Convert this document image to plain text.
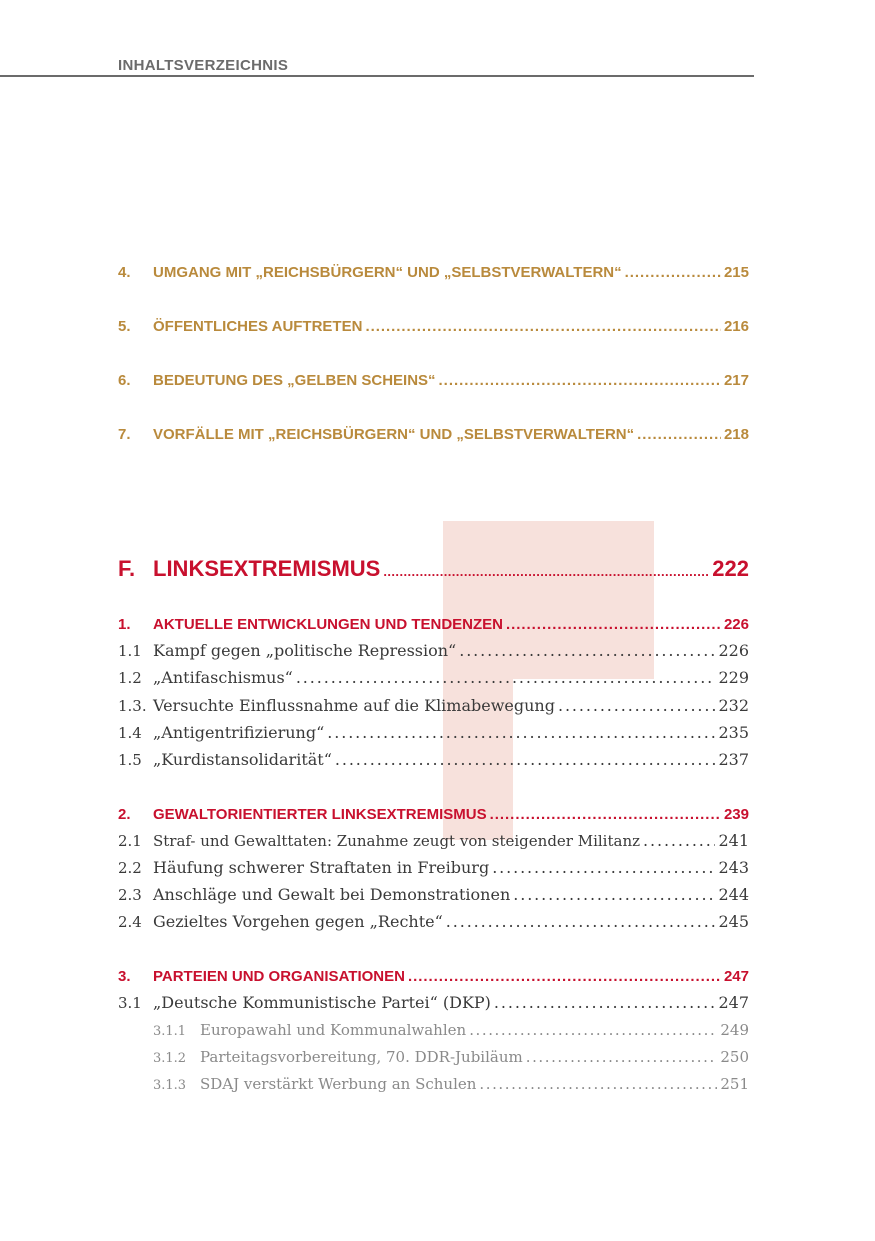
INHALTSVERZEICHNIS
4.	UMGANG MIT „REICHSBÜRGERN“ UND „SELBSTVERWALTERN“ . . .	215
5.	ÖFFENTLICHES AUFTRETEN . . .	216
6.	BEDEUTUNG DES „GELBEN SCHEINS“ . . .	217
7.	VORFÄLLE MIT „REICHSBÜRGERN“ UND „SELBSTVERWALTERN“ . . .	218
F. LINKSEXTREMISMUS . . .	222
1.	AKTUELLE ENTWICKLUNGEN UND TENDENZEN . . .	226
1.1 Kampf gegen „politische Repression“ . . .	226
1.2 „Antifaschismus“ . . .	229
1.3. Versuchte Einflussnahme auf die Klimabewegung . . .	232
1.4 „Antigentrifizierung“ . . .	235
1.5 „Kurdistansolidarität“ . . .	237
2.	GEWALTORIENTIERTER LINKSEXTREMISMUS . . .	239
2.1 Straf- und Gewalttaten: Zunahme zeugt von steigender Militanz . . .	241
2.2 Häufung schwerer Straftaten in Freiburg . . .	243
2.3 Anschläge und Gewalt bei Demonstrationen . . .	244
2.4 Gezieltes Vorgehen gegen „Rechte“ . . .	245
3.	PARTEIEN UND ORGANISATIONEN . . .	247
3.1 „Deutsche Kommunistische Partei“ (DKP) . . .	247
3.1.1 Europawahl und Kommunalwahlen . . .	249
3.1.2 Parteitagsvorbereitung, 70. DDR-Jubiläum . . .	250
3.1.3 SDAJ verstärkt Werbung an Schulen . . .	251
